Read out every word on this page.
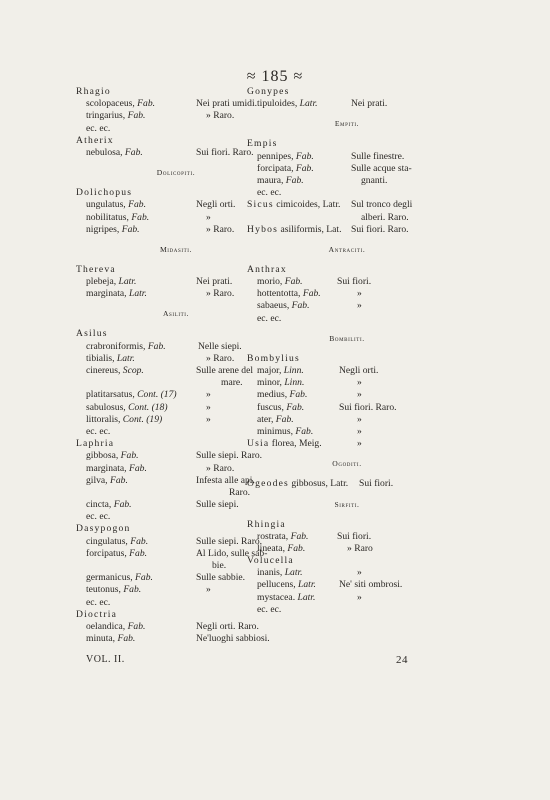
≈ 185 ≈
Rhagio
scolopaceus, Fab.	Nei prati umidi.
tringarius, Fab.	» Raro.
ec. ec.
Atherix
nebulosa, Fab.	Sui fiori. Raro.
Dolicopiti.
Dolichopus
ungulatus, Fab.	Negli orti.
nobilitatus, Fab.	»
nigripes, Fab.	» Raro.
Midasiti.
Thereva
plebeja, Latr.	Nei prati.
marginata, Latr.	» Raro.
Asiliti.
Asilus
crabroniformis, Fab.	Nelle siepi.
tibialis, Latr.	» Raro.
cinereus, Scop.	Sulle arene del
mare.
platitarsatus, Cont. (17)	»
sabulosus, Cont. (18)	»
littoralis, Cont. (19)	»
ec. ec.
Laphria
gibbosa, Fab.	Sulle siepi. Raro.
marginata, Fab.	» Raro.
gilva, Fab.	Infesta alle api.
Raro.
cincta, Fab.	Sulle siepi.
ec. ec.
Dasypogon
cingulatus, Fab.	Sulle siepi. Raro.
forcipatus, Fab.	Al Lido, sulle sab-
bie.
germanicus, Fab.	Sulle sabbie.
teutonus, Fab.	»
ec. ec.
Dioctria
oelandica, Fab.	Negli orti. Raro.
minuta, Fab.	Ne'luoghi sabbiosi.
Gonypes
tipuloides, Latr.	Nei prati.
Empiti.
Empis
pennipes, Fab.	Sulle finestre.
forcipata, Fab.	Sulle acque sta-
maura, Fab.	gnanti.
ec. ec.
Sicus cimicoides, Latr. Sul tronco degli
alberi. Raro.
Hybos asiliformis, Lat. Sui fiori. Raro.
Antraciti.
Anthrax
morio, Fab.	Sui fiori.
hottentotta, Fab.	»
sabaeus, Fab.	»
ec. ec.
Bombiliti.
Bombylius
major, Linn.	Negli orti.
minor, Linn.	»
medius, Fab.	»
fuscus, Fab.	Sui fiori. Raro.
ater, Fab.	»
minimus, Fab.	»
Usia florea, Meig.	»
Ogoditi.
Ogeodes gibbosus, Latr. Sui fiori.
Sirfiti.
Rhingia
rostrata, Fab.	Sui fiori.
lineata, Fab.	» Raro
Volucella
inanis, Latr.	»
pellucens, Latr. Ne' siti ombrosi.
mystacea. Latr.	»
ec. ec.
VOL. II.	24
